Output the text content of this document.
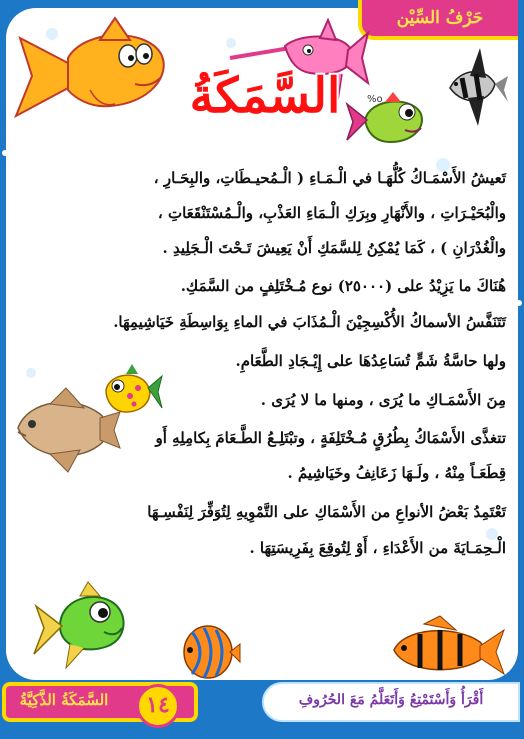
حَرْفُ السِّيْن
%o
السَّمَكَةُ
تَعيشُ الأَسْمَـاكُ كُلُّهَـا في الْـمَـاءِ ( الْـمُحيـطَاتِ، والبِحَـارِ ،
والْبُحَيْـرَاتِ ، والأَنْهَارِ وبِرَكِ الْـمَاءِ العَذْبِ، والْـمُسْتَنْقَعَاتِ ،
والْغُدْرَانِ ) ، كَمَا يُمْكِنُ لِلسَّمَكِ أَنْ يَعِيشَ تَـحْتَ الْـجَلِيدِ .
هُنَاكَ ما يَزِيْدُ على (٢٥٠٠٠) نوع مُـخْتَلِفٍ من السَّمَكِ.
تَتَنَفَّسُ الأسماكُ الأُكْسِجِيْنَ الْـمُذَابَ في الماءِ بِوَاسِطَةِ خَيَاشِيمِهَا.
ولها حاسَّةُ شَمٍّ تُسَاعِدُهَا على إِيْـجَادِ الطَّعَامِ.
مِنَ الأَسْمَـاكِ ما يُرَى ، ومنها ما لا يُرَى .
تتغذَّى الأَسْمَاكُ بِطُرُقٍ مُـخْتَلِفَةٍ ، وتبْتَلِـعُ الطَّـعَامَ بِكامِلِهِ أَو
قِطَعَـاً مِنْهُ ، ولَـهَا زَعَانِفُ وخَيَاشِيمُ .
تَعْتَمِدُ بَعْضُ الأنواعِ من الأَسْمَاكِ على التَّمْوِيهِ لِتُوَفِّرَ لِنَفْسِـهَا
الْـحِمَـايَةَ من الأَعْدَاءِ ، أَوْ لِتُوقِعَ بِفَرِيسَتِهَا .
السَّمَكَةُ الذَّكِيَّةُ	١٤	أَقْرَأُ وَأَسْتَمْتِعُ وَأَتَعَلَّمُ مَعَ الحُرُوفِ
